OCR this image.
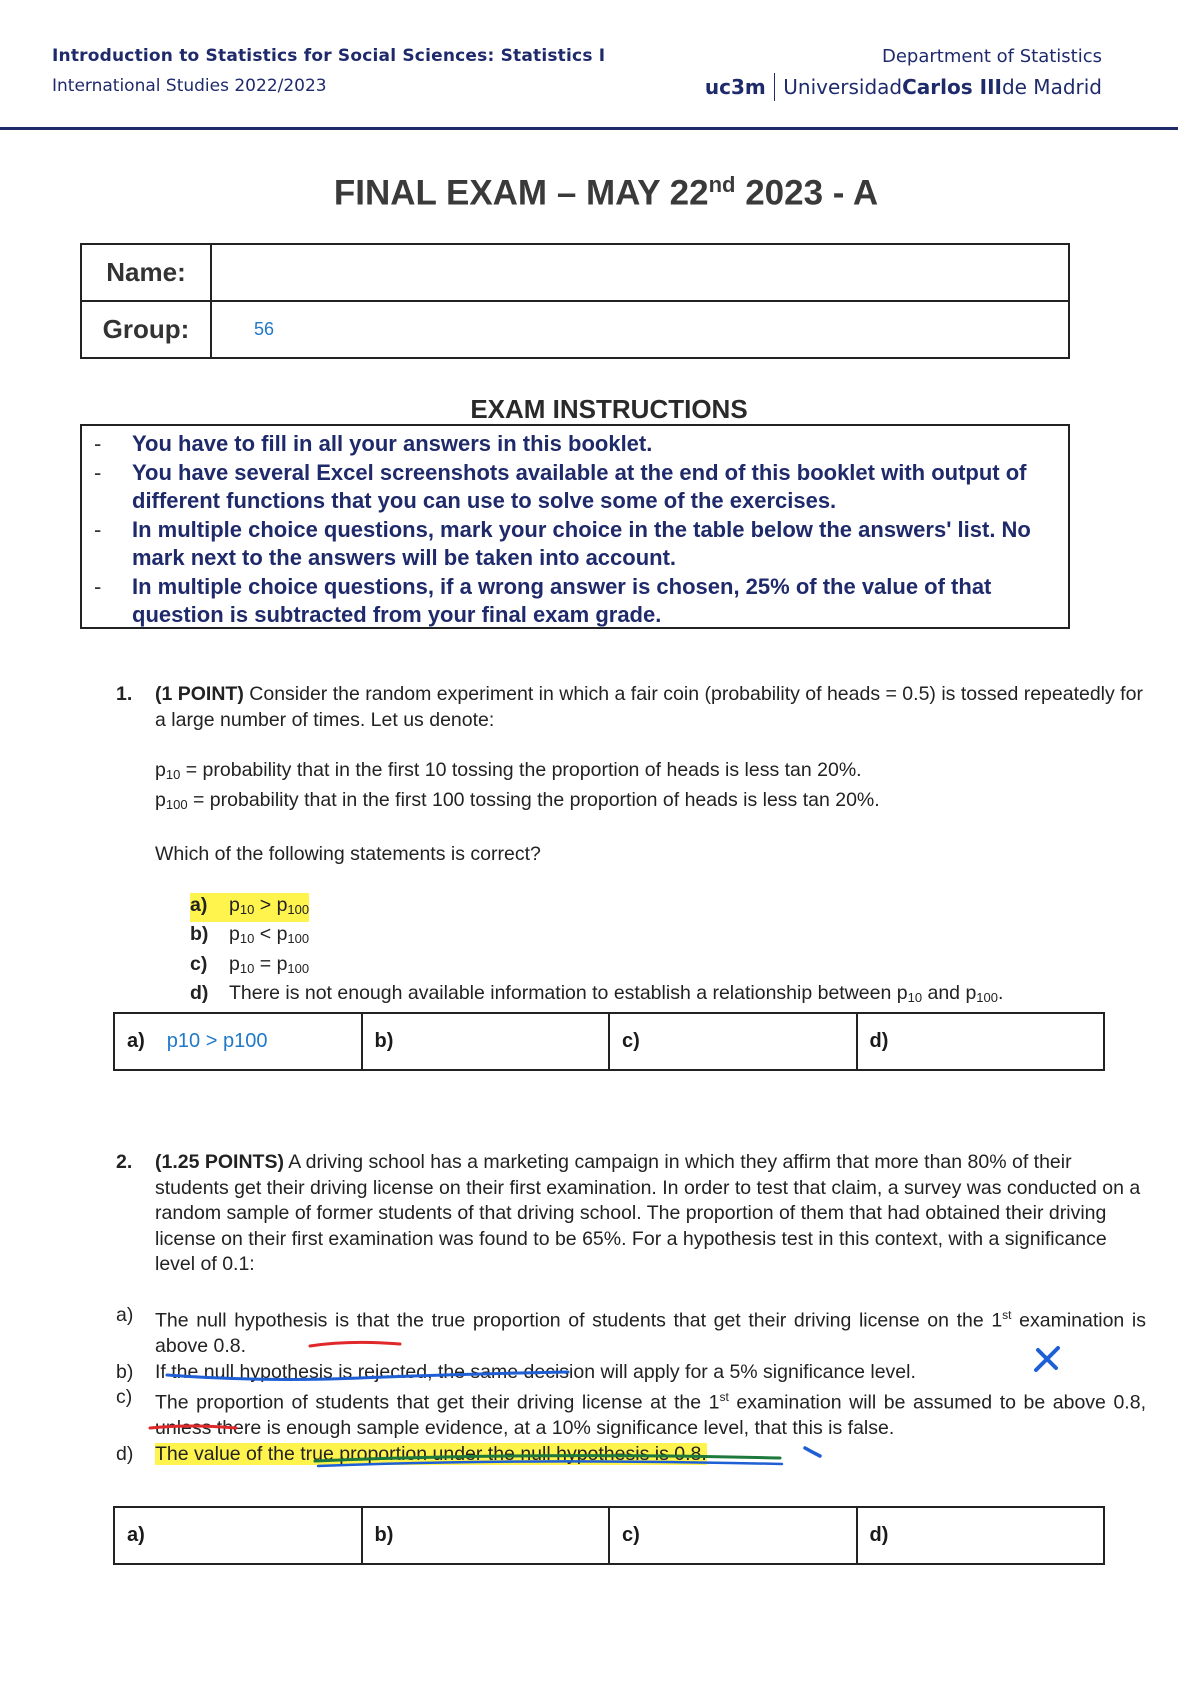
Introduction to Statistics for Social Sciences: Statistics I
International Studies 2022/2023
Department of Statistics
uc3m Universidad Carlos III de Madrid
FINAL EXAM – MAY 22nd 2023 - A
Name:	
Group:	56
EXAM INSTRUCTIONS
-	You have to fill in all your answers in this booklet.
-	You have several Excel screenshots available at the end of this booklet with output of different functions that you can use to solve some of the exercises.
-	In multiple choice questions, mark your choice in the table below the answers' list. No mark next to the answers will be taken into account.
-	In multiple choice questions, if a wrong answer is chosen, 25% of the value of that question is subtracted from your final exam grade.
1. (1 POINT) Consider the random experiment in which a fair coin (probability of heads = 0.5) is tossed repeatedly for a large number of times. Let us denote:
$p_{10}$ = probability that in the first 10 tossing the proportion of heads is less tan 20%.
$p_{100}$ = probability that in the first 100 tossing the proportion of heads is less tan 20%.
Which of the following statements is correct?
a)	$p_{10} > p_{100}$
b)	$p_{10} < p_{100}$
c)	$p_{10} = p_{100}$
d)	There is not enough available information to establish a relationship between $p_{10}$ and $p_{100}$.
a) p10 > p100	b)	c)	d)
2. (1.25 POINTS) A driving school has a marketing campaign in which they affirm that more than 80% of their students get their driving license on their first examination. In order to test that claim, a survey was conducted on a random sample of former students of that driving school. The proportion of them that had obtained their driving license on their first examination was found to be 65%. For a hypothesis test in this context, with a significance level of 0.1:
a)	The null hypothesis is that the true proportion of students that get their driving license on the 1st examination is above 0.8.
b)	If the null hypothesis is rejected, the same decision will apply for a 5% significance level.
c)	The proportion of students that get their driving license at the 1st examination will be assumed to be above 0.8, unless there is enough sample evidence, at a 10% significance level, that this is false.
d)	The value of the true proportion under the null hypothesis is 0.8.
a)	b)	c)	d)
